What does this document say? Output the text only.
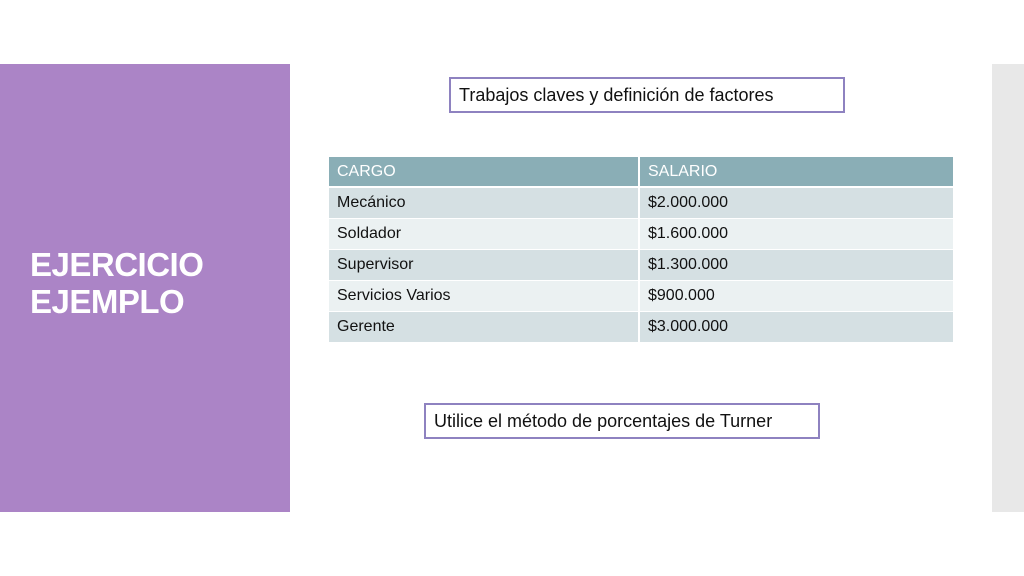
EJERCICIO
EJEMPLO
Trabajos claves y definición de factores
CARGO	SALARIO
Mecánico	$2.000.000
Soldador	$1.600.000
Supervisor	$1.300.000
Servicios Varios	$900.000
Gerente	$3.000.000
Utilice el método de porcentajes de Turner
